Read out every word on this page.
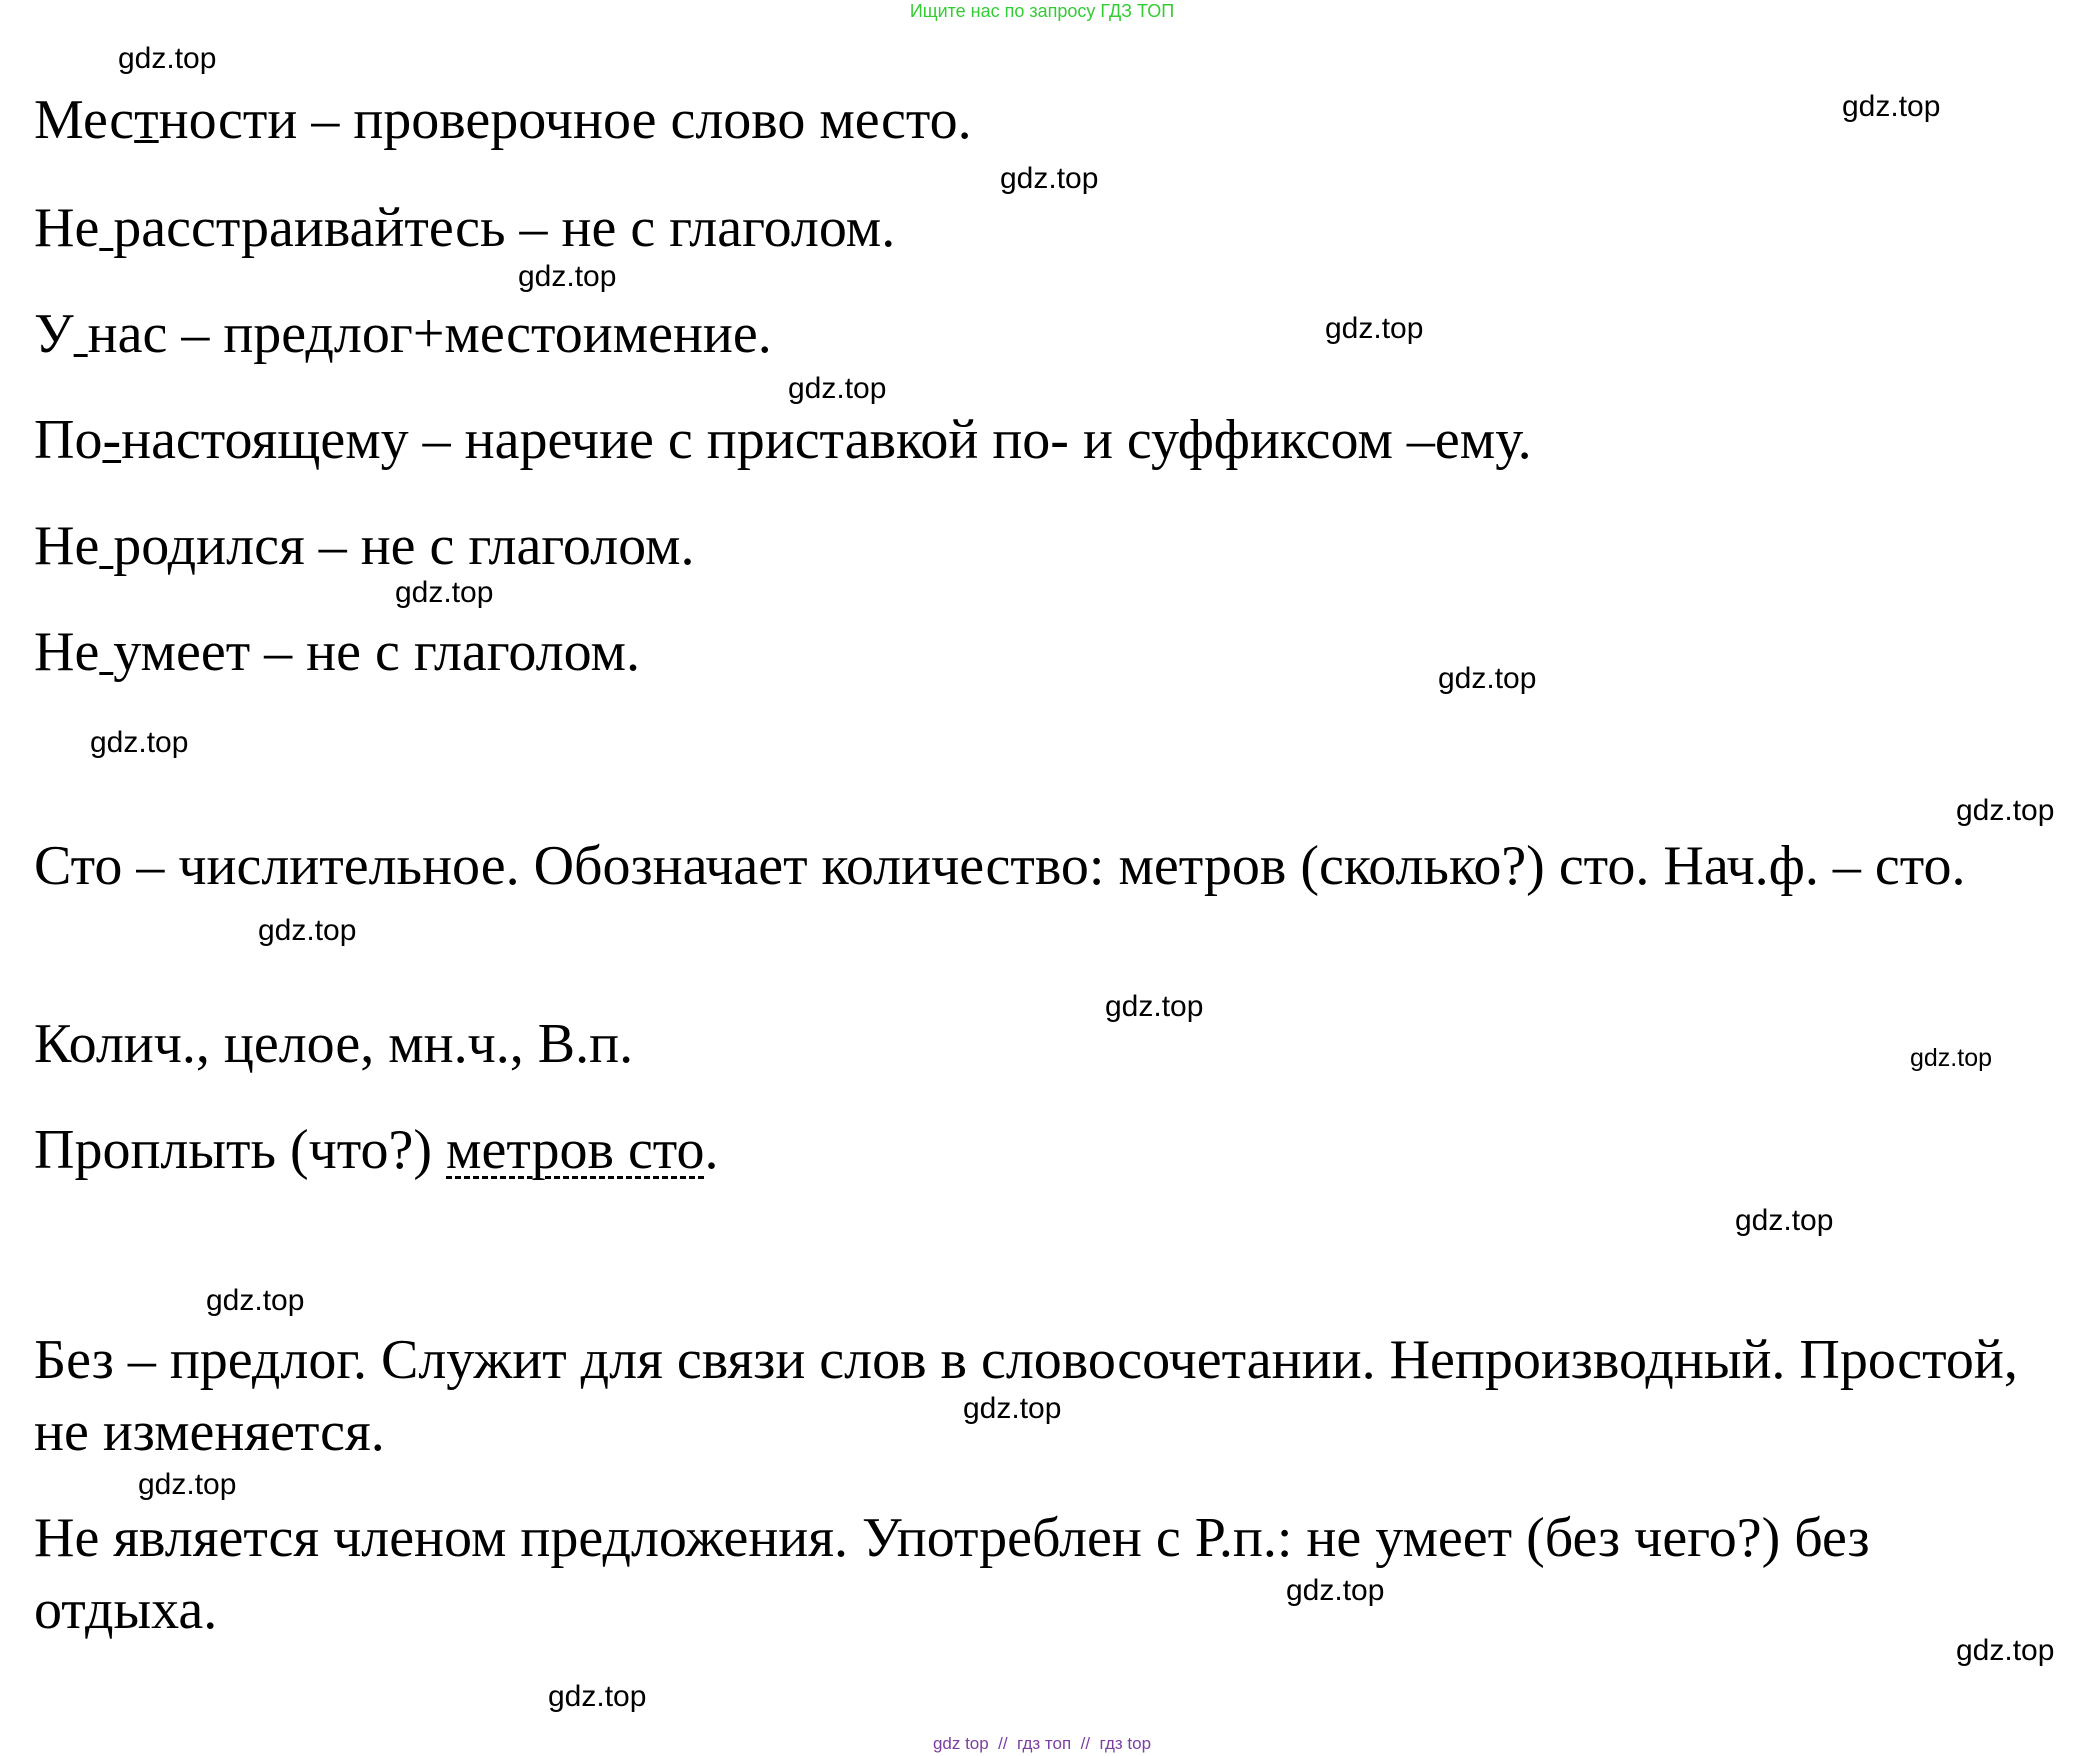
Ищите нас по запросу ГДЗ ТОП
Местности – проверочное слово место.
Не расстраивайтесь – не с глаголом.
У нас – предлог+местоимение.
По-настоящему – наречие с приставкой по- и суффиксом –ему.
Не родился – не с глаголом.
Не умеет – не с глаголом.
Сто – числительное. Обозначает количество: метров (сколько?) сто. Нач.ф. – сто.
Колич., целое, мн.ч., В.п.
Проплыть (что?) метров сто.
Без – предлог. Служит для связи слов в словосочетании. Непроизводный. Простой, не изменяется.
Не является членом предложения. Употреблен с Р.п.: не умеет (без чего?) без отдыха.
gdz.top
gdz.top
gdz.top
gdz.top
gdz.top
gdz.top
gdz.top
gdz.top
gdz.top
gdz.top
gdz.top
gdz.top
gdz.top
gdz.top
gdz.top
gdz.top
gdz.top
gdz.top
gdz.top
gdz.top
gdz top  //  гдз топ  //  гдз top
